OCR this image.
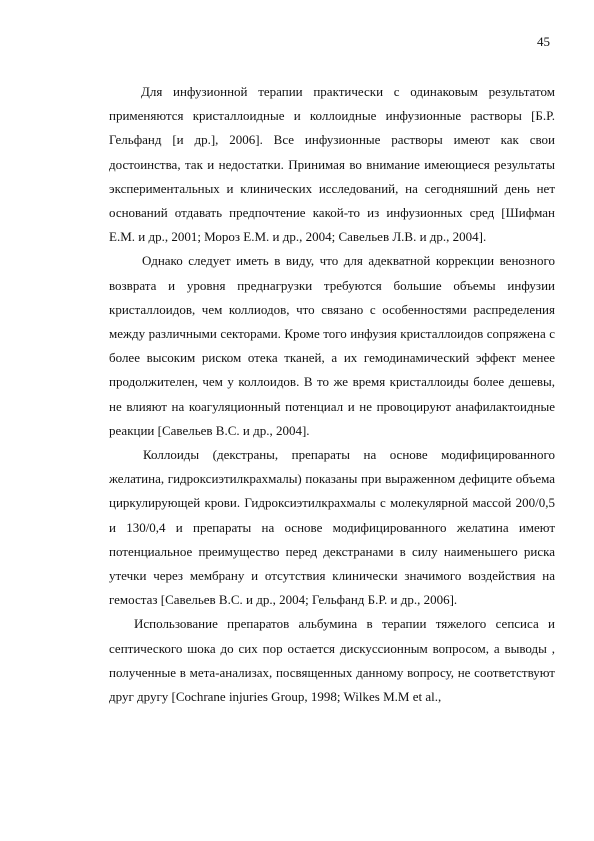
45

Для инфузионной терапии практически с одинаковым результатом применяются кристаллоидные и коллоидные инфузионные растворы [Б.Р. Гельфанд [и др.], 2006]. Все инфузионные растворы имеют как свои достоинства, так и недостатки. Принимая во внимание имеющиеся результаты экспериментальных и клинических исследований, на сегодняшний день нет оснований отдавать предпочтение какой-то из инфузионных сред [Шифман Е.М. и др., 2001; Мороз Е.М. и др., 2004; Савельев Л.В. и др., 2004].

Однако следует иметь в виду, что для адекватной коррекции венозного возврата и уровня преднагрузки требуются большие объемы инфузии кристаллоидов, чем коллиодов, что связано с особенностями распределения между различными секторами. Кроме того инфузия кристаллоидов сопряжена с более высоким риском отека тканей, а их гемодинамический эффект менее продолжителен, чем у коллоидов. В то же время кристаллоиды более дешевы, не влияют на коагуляционный потенциал и не провоцируют анафилактоидные реакции [Савельев В.С. и др., 2004].

Коллоиды (декстраны, препараты на основе модифицированного желатина, гидроксиэтилкрахмалы) показаны при выраженном дефиците объема циркулирующей крови. Гидроксиэтилкрахмалы с молекулярной массой 200/0,5 и 130/0,4 и препараты на основе модифицированного желатина имеют потенциальное преимущество перед декстранами в силу наименьшего риска утечки через мембрану и отсутствия клинически значимого воздействия на гемостаз [Савельев В.С. и др., 2004; Гельфанд Б.Р. и др., 2006].

Использование препаратов альбумина в терапии тяжелого сепсиса и септического шока до сих пор остается дискуссионным вопросом, а выводы , полученные в мета-анализах, посвященных данному вопросу, не соответствуют друг другу [Cochrane injuries Group, 1998; Wilkes M.M et al.,
